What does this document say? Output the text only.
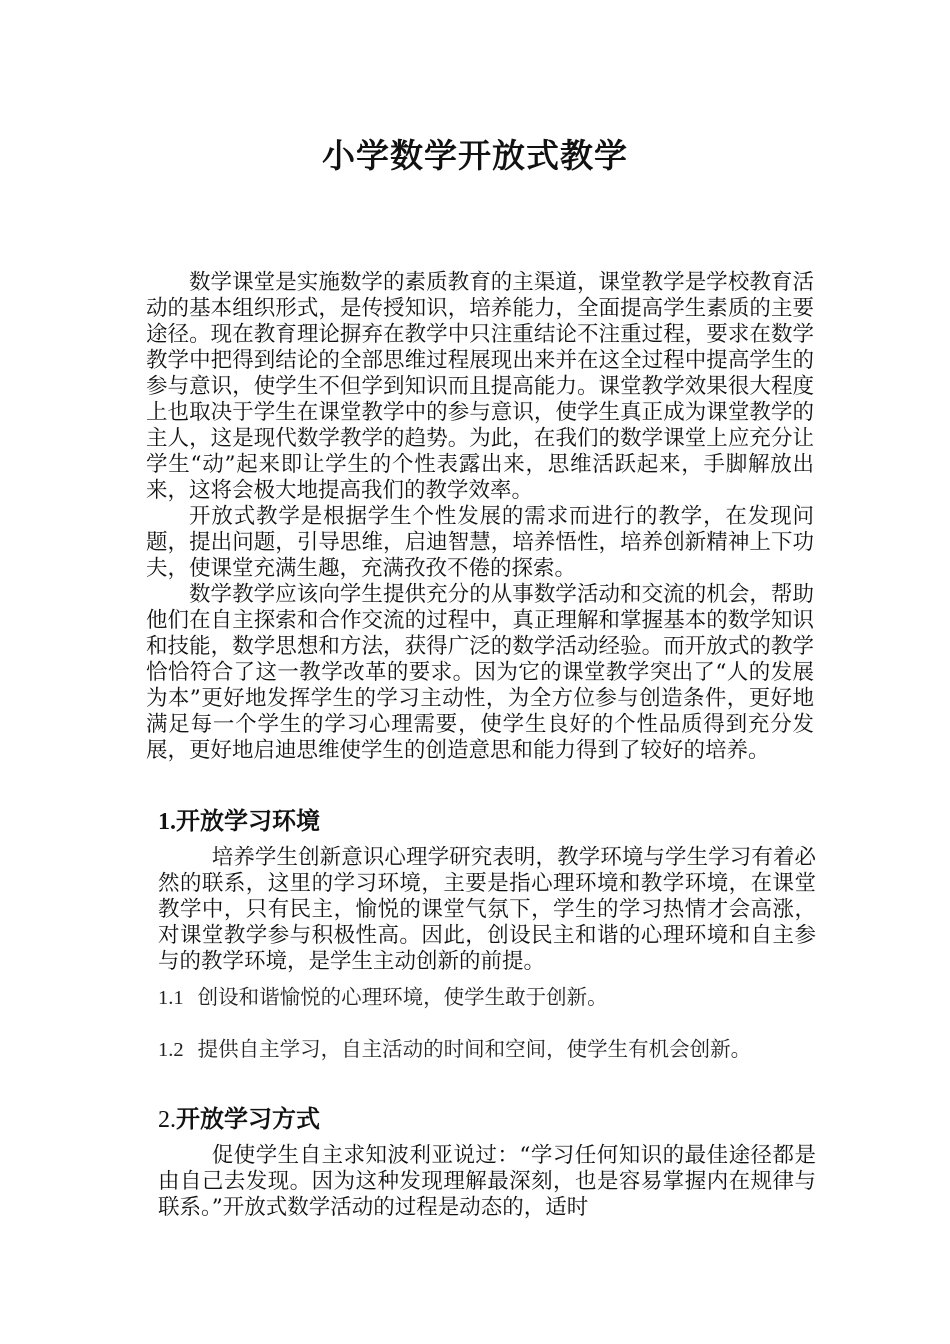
小学数学开放式教学

数学课堂是实施数学的素质教育的主渠道，课堂教学是学校教育活动的基本组织形式，是传授知识，培养能力，全面提高学生素质的主要途径。现在教育理论摒弃在教学中只注重结论不注重过程，要求在数学教学中把得到结论的全部思维过程展现出来并在这全过程中提高学生的参与意识，使学生不但学到知识而且提高能力。课堂教学效果很大程度上也取决于学生在课堂教学中的参与意识，使学生真正成为课堂教学的主人，这是现代数学教学的趋势。为此，在我们的数学课堂上应充分让学生“动”起来即让学生的个性表露出来，思维活跃起来，手脚解放出来，这将会极大地提高我们的教学效率。

开放式教学是根据学生个性发展的需求而进行的教学，在发现问题，提出问题，引导思维，启迪智慧，培养悟性，培养创新精神上下功夫，使课堂充满生趣，充满孜孜不倦的探索。

数学教学应该向学生提供充分的从事数学活动和交流的机会，帮助他们在自主探索和合作交流的过程中，真正理解和掌握基本的数学知识和技能，数学思想和方法，获得广泛的数学活动经验。而开放式的教学恰恰符合了这一教学改革的要求。因为它的课堂教学突出了“人的发展为本”更好地发挥学生的学习主动性，为全方位参与创造条件，更好地满足每一个学生的学习心理需要，使学生良好的个性品质得到充分发展，更好地启迪思维使学生的创造意思和能力得到了较好的培养。

1.开放学习环境

培养学生创新意识心理学研究表明，教学环境与学生学习有着必然的联系，这里的学习环境，主要是指心理环境和教学环境，在课堂教学中，只有民主，愉悦的课堂气氛下，学生的学习热情才会高涨，对课堂教学参与积极性高。因此，创设民主和谐的心理环境和自主参与的教学环境，是学生主动创新的前提。

1.1 创设和谐愉悦的心理环境，使学生敢于创新。

1.2 提供自主学习，自主活动的时间和空间，使学生有机会创新。

2.开放学习方式

促使学生自主求知波利亚说过：“学习任何知识的最佳途径都是由自己去发现。因为这种发现理解最深刻，也是容易掌握内在规律与联系。”开放式数学活动的过程是动态的，适时
